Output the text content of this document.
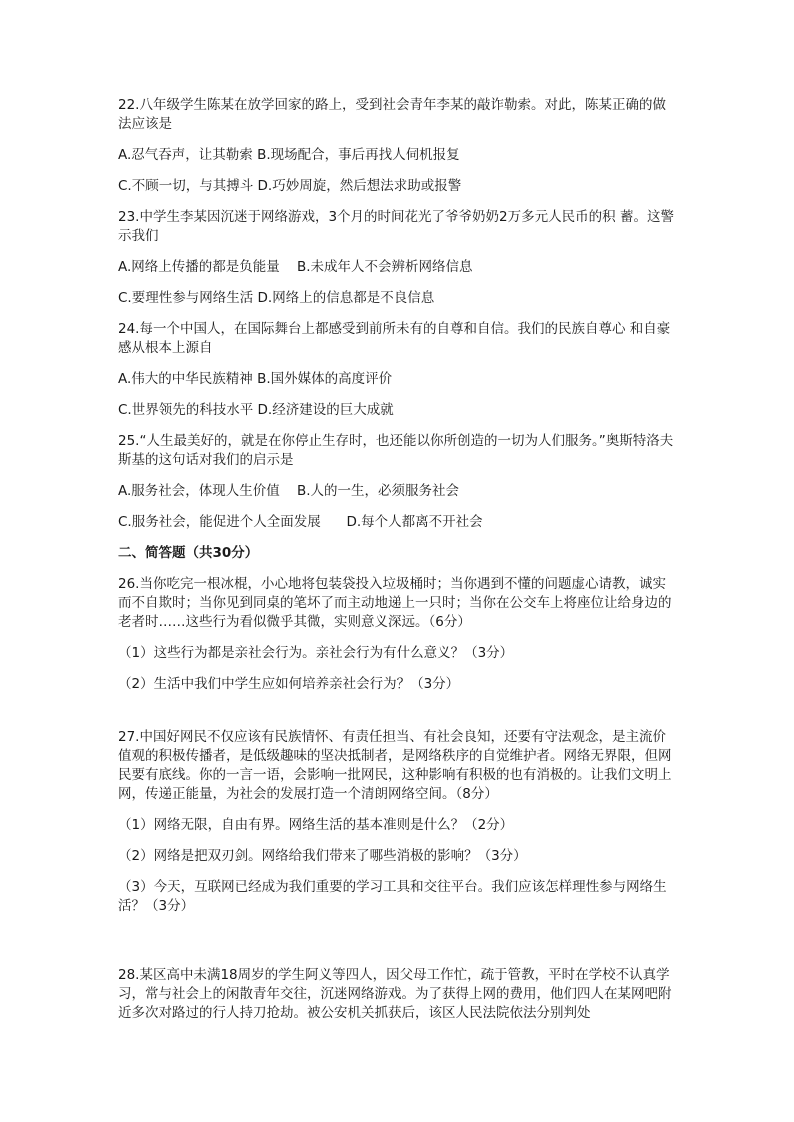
22.八年级学生陈某在放学回家的路上，受到社会青年李某的敲诈勒索。对此，陈某正确的做法应该是
A.忍气吞声，让其勒索 B.现场配合，事后再找人伺机报复
C.不顾一切，与其搏斗 D.巧妙周旋，然后想法求助或报警
23.中学生李某因沉迷于网络游戏，3个月的时间花光了爷爷奶奶2万多元人民币的积 蓄。这警示我们
A.网络上传播的都是负能量    B.未成年人不会辨析网络信息
C.要理性参与网络生活 D.网络上的信息都是不良信息
24.每一个中国人，在国际舞台上都感受到前所未有的自尊和自信。我们的民族自尊心 和自豪感从根本上源自
A.伟大的中华民族精神 B.国外媒体的高度评价
C.世界领先的科技水平 D.经济建设的巨大成就
25.“人生最美好的，就是在你停止生存时，也还能以你所创造的一切为人们服务。”奥斯特洛夫斯基的这句话对我们的启示是
A.服务社会，体现人生价值    B.人的一生，必须服务社会
C.服务社会，能促进个人全面发展      D.每个人都离不开社会
二、简答题（共30分）
26.当你吃完一根冰棍，小心地将包装袋投入垃圾桶时；当你遇到不懂的问题虚心请教，诚实而不自欺时；当你见到同桌的笔坏了而主动地递上一只时；当你在公交车上将座位让给身边的老者时……这些行为看似微乎其微，实则意义深远。（6分）
（1）这些行为都是亲社会行为。亲社会行为有什么意义？（3分）
（2）生活中我们中学生应如何培养亲社会行为？（3分）
27.中国好网民不仅应该有民族情怀、有责任担当、有社会良知，还要有守法观念，是主流价值观的积极传播者，是低级趣味的坚决抵制者，是网络秩序的自觉维护者。网络无界限，但网民要有底线。你的一言一语，会影响一批网民，这种影响有积极的也有消极的。让我们文明上网，传递正能量，为社会的发展打造一个清朗网络空间。（8分）
（1）网络无限，自由有界。网络生活的基本准则是什么？（2分）
（2）网络是把双刃剑。网络给我们带来了哪些消极的影响？（3分）
（3）今天，互联网已经成为我们重要的学习工具和交往平台。我们应该怎样理性参与网络生活？（3分）
28.某区高中未满18周岁的学生阿义等四人，因父母工作忙，疏于管教，平时在学校不认真学习，常与社会上的闲散青年交往，沉迷网络游戏。为了获得上网的费用，他们四人在某网吧附近多次对路过的行人持刀抢劫。被公安机关抓获后，该区人民法院依法分别判处
